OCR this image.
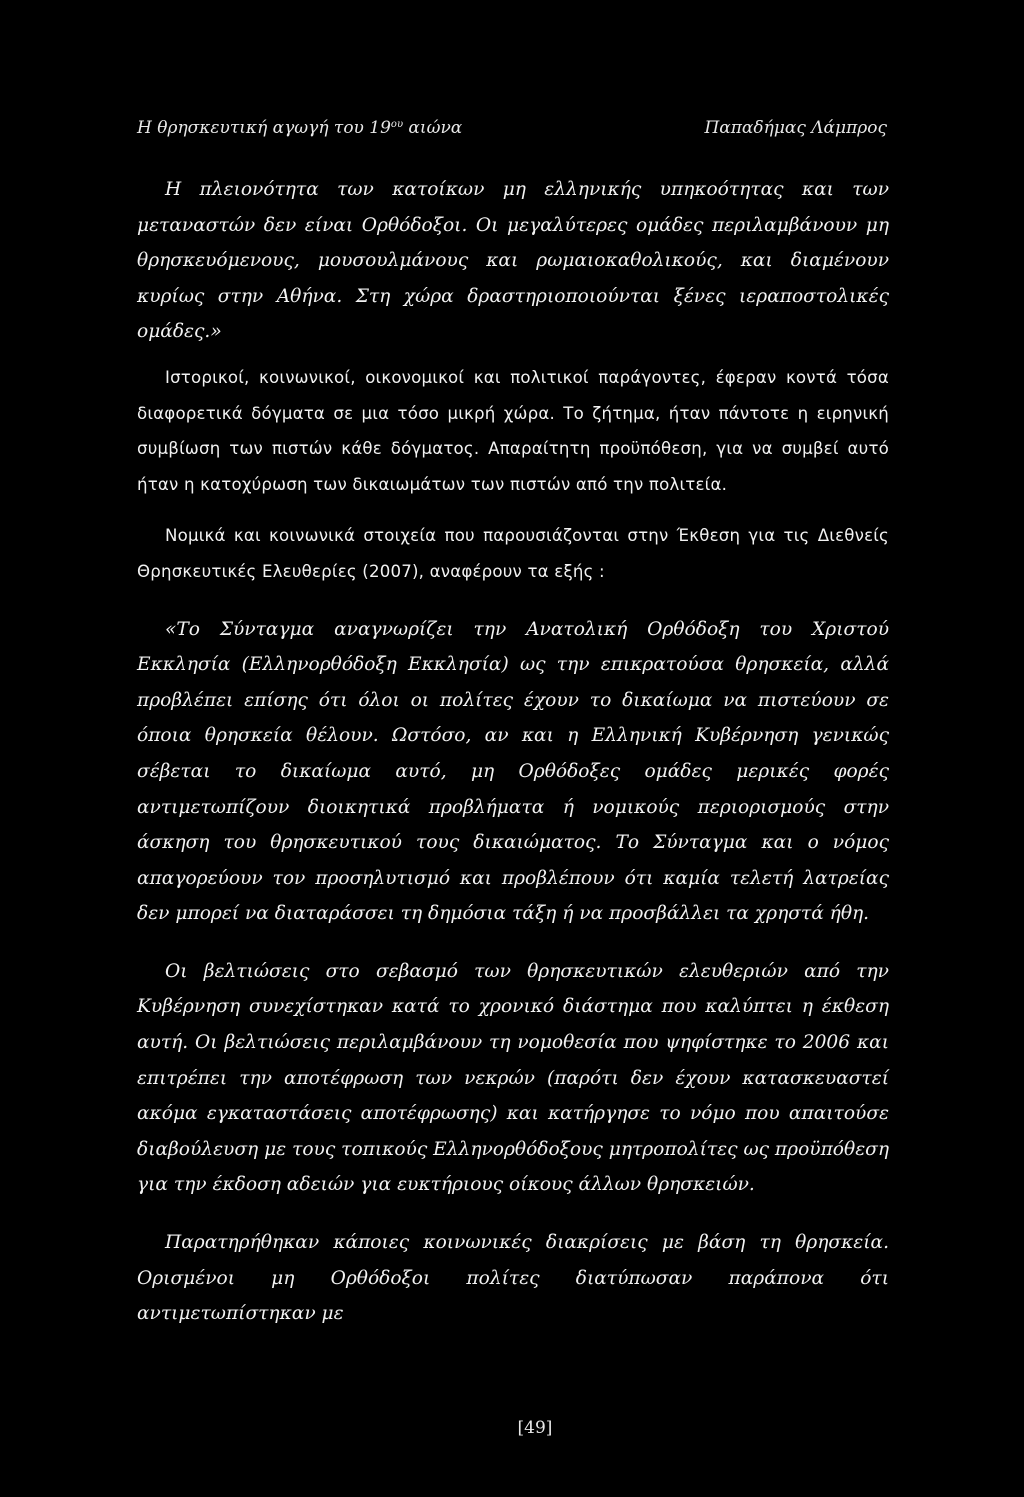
Η θρησκευτική αγωγή του $19^{o\upsilon}$ αιώνα	Παπαδήμας Λάμπρος

Η πλειονότητα των κατοίκων μη ελληνικής υπηκοότητας και των μεταναστών δεν είναι Ορθόδοξοι. Οι μεγαλύτερες ομάδες περιλαμβάνουν μη θρησκευόμενους, μουσουλμάνους και ρωμαιοκαθολικούς, και διαμένουν κυρίως στην Αθήνα. Στη χώρα δραστηριοποιούνται ξένες ιεραποστολικές ομάδες.»

Ιστορικοί, κοινωνικοί, οικονομικοί και πολιτικοί παράγοντες, έφεραν κοντά τόσα διαφορετικά δόγματα σε μια τόσο μικρή χώρα. Το ζήτημα, ήταν πάντοτε η ειρηνική συμβίωση των πιστών κάθε δόγματος. Απαραίτητη προϋπόθεση, για να συμβεί αυτό ήταν η κατοχύρωση των δικαιωμάτων των πιστών από την πολιτεία.

Νομικά και κοινωνικά στοιχεία που παρουσιάζονται στην Έκθεση για τις Διεθνείς Θρησκευτικές Ελευθερίες (2007), αναφέρουν τα εξής :

«Το Σύνταγμα αναγνωρίζει την Ανατολική Ορθόδοξη του Χριστού Εκκλησία (Ελληνορθόδοξη Εκκλησία) ως την επικρατούσα θρησκεία, αλλά προβλέπει επίσης ότι όλοι οι πολίτες έχουν το δικαίωμα να πιστεύουν σε όποια θρησκεία θέλουν. Ωστόσο, αν και η Ελληνική Κυβέρνηση γενικώς σέβεται το δικαίωμα αυτό, μη Ορθόδοξες ομάδες μερικές φορές αντιμετωπίζουν διοικητικά προβλήματα ή νομικούς περιορισμούς στην άσκηση του θρησκευτικού τους δικαιώματος. Το Σύνταγμα και ο νόμος απαγορεύουν τον προσηλυτισμό και προβλέπουν ότι καμία τελετή λατρείας δεν μπορεί να διαταράσσει τη δημόσια τάξη ή να προσβάλλει τα χρηστά ήθη.

Οι βελτιώσεις στο σεβασμό των θρησκευτικών ελευθεριών από την Κυβέρνηση συνεχίστηκαν κατά το χρονικό διάστημα που καλύπτει η έκθεση αυτή. Οι βελτιώσεις περιλαμβάνουν τη νομοθεσία που ψηφίστηκε το 2006 και επιτρέπει την αποτέφρωση των νεκρών (παρότι δεν έχουν κατασκευαστεί ακόμα εγκαταστάσεις αποτέφρωσης) και κατήργησε το νόμο που απαιτούσε διαβούλευση με τους τοπικούς Ελληνορθόδοξους μητροπολίτες ως προϋπόθεση για την έκδοση αδειών για ευκτήριους οίκους άλλων θρησκειών.

Παρατηρήθηκαν κάποιες κοινωνικές διακρίσεις με βάση τη θρησκεία. Ορισμένοι μη Ορθόδοξοι πολίτες διατύπωσαν παράπονα ότι αντιμετωπίστηκαν με

[49]
